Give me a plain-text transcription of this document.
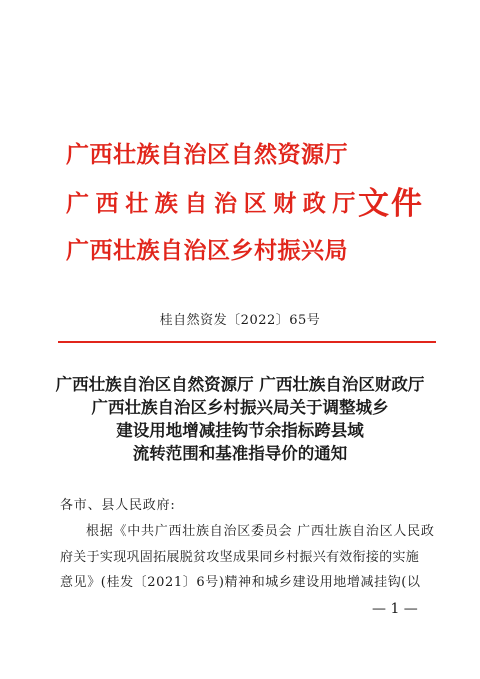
广西壮族自治区自然资源厅
广西壮族自治区财政厅
广西壮族自治区乡村振兴局
文件
桂自然资发〔2022〕65号
广西壮族自治区自然资源厅 广西壮族自治区财政厅
广西壮族自治区乡村振兴局关于调整城乡
建设用地增减挂钩节余指标跨县域
流转范围和基准指导价的通知
各市、县人民政府:
根据《中共广西壮族自治区委员会 广西壮族自治区人民政
府关于实现巩固拓展脱贫攻坚成果同乡村振兴有效衔接的实施
意见》(桂发〔2021〕6号)精神和城乡建设用地增减挂钩(以
— 1 —
